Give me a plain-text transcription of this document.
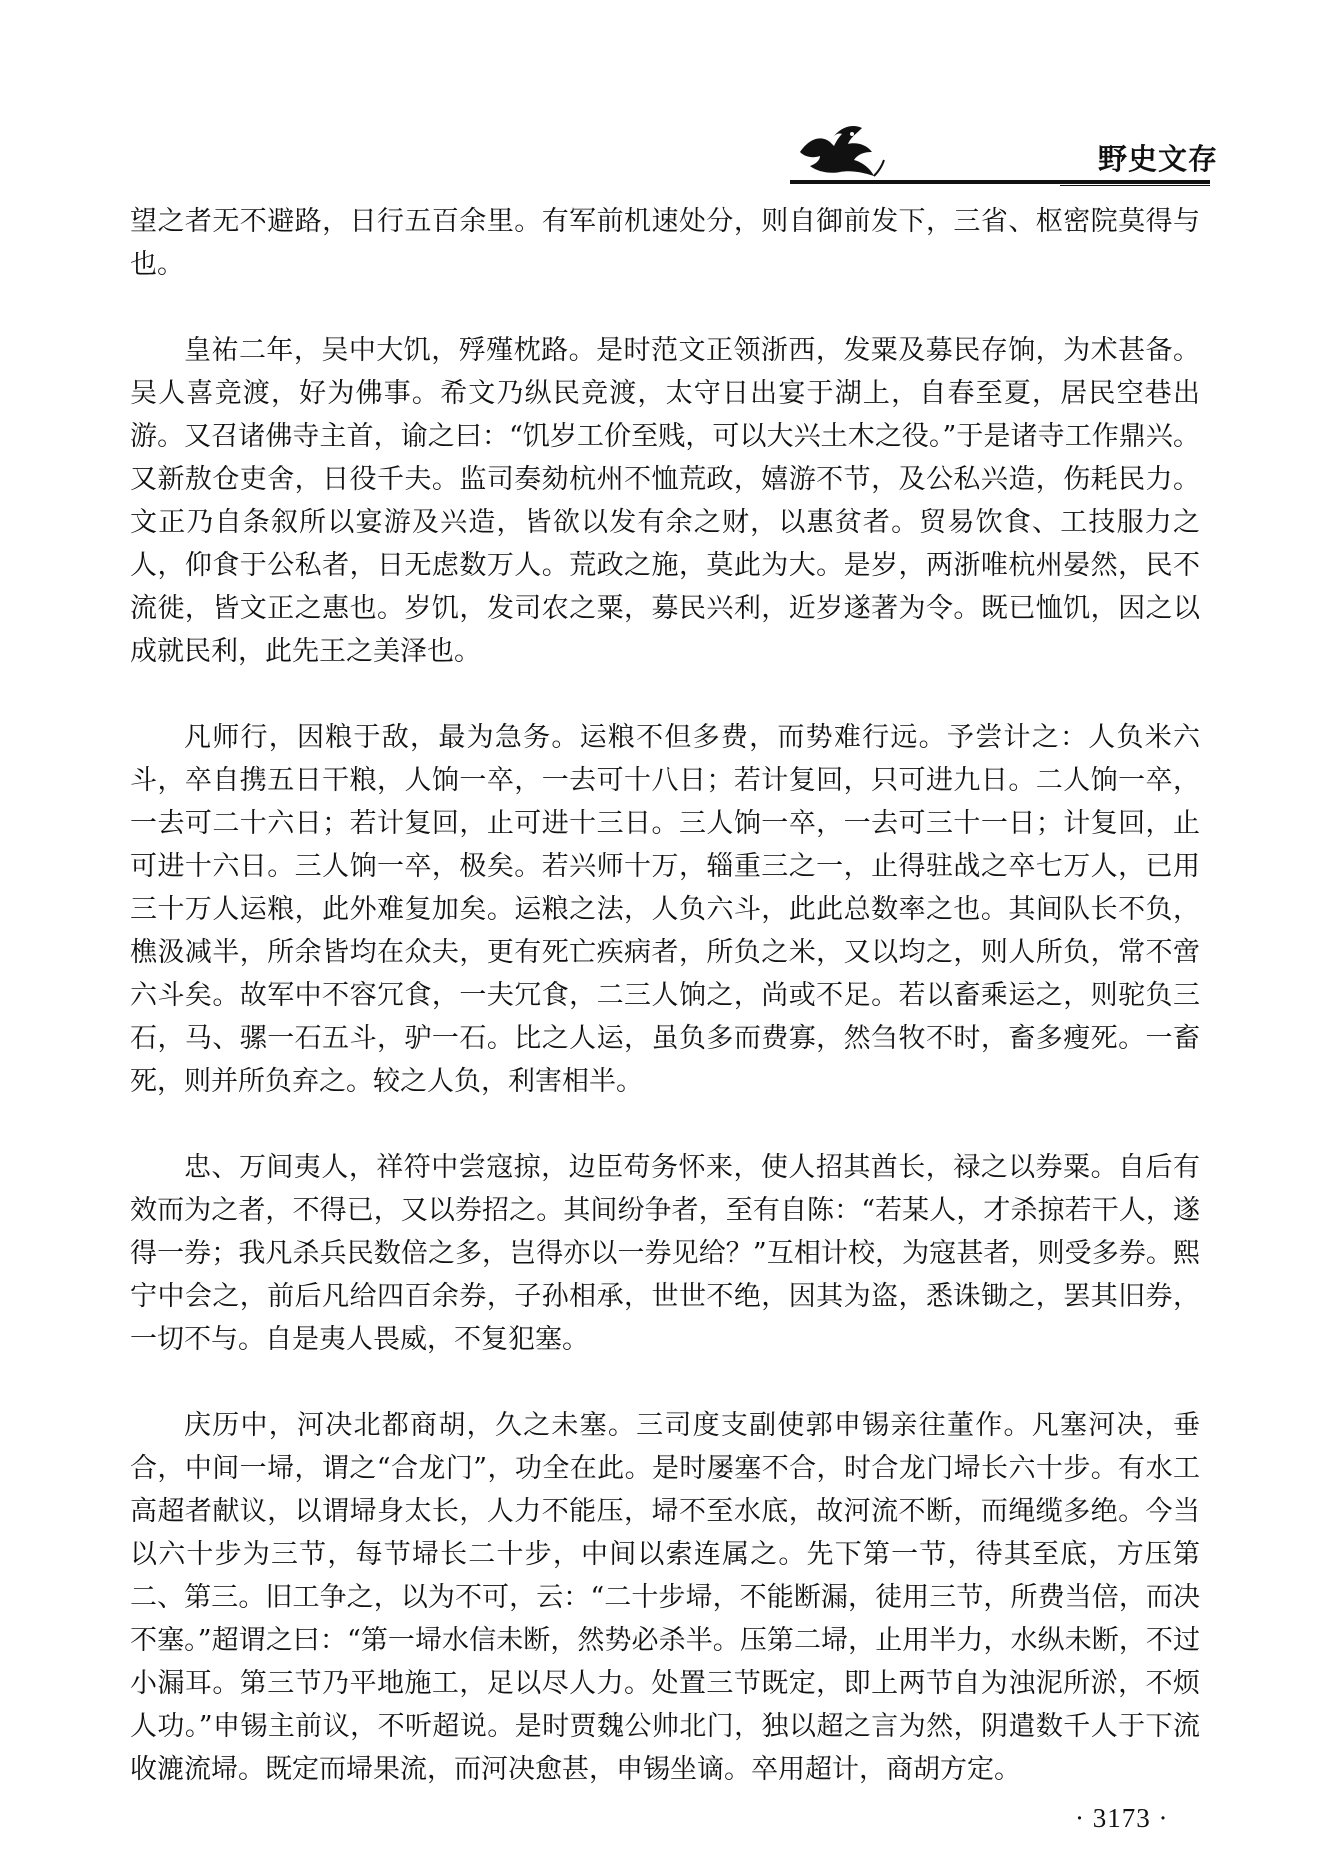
野史文存

望之者无不避路，日行五百余里。有军前机速处分，则自御前发下，三省、枢密院莫得与也。

皇祐二年，吴中大饥，殍殣枕路。是时范文正领浙西，发粟及募民存饷，为术甚备。吴人喜竞渡，好为佛事。希文乃纵民竞渡，太守日出宴于湖上，自春至夏，居民空巷出游。又召诸佛寺主首，谕之曰：“饥岁工价至贱，可以大兴土木之役。”于是诸寺工作鼎兴。又新敖仓吏舍，日役千夫。监司奏劾杭州不恤荒政，嬉游不节，及公私兴造，伤耗民力。文正乃自条叙所以宴游及兴造，皆欲以发有余之财，以惠贫者。贸易饮食、工技服力之人，仰食于公私者，日无虑数万人。荒政之施，莫此为大。是岁，两浙唯杭州晏然，民不流徙，皆文正之惠也。岁饥，发司农之粟，募民兴利，近岁遂著为令。既已恤饥，因之以成就民利，此先王之美泽也。

凡师行，因粮于敌，最为急务。运粮不但多费，而势难行远。予尝计之：人负米六斗，卒自携五日干粮，人饷一卒，一去可十八日；若计复回，只可进九日。二人饷一卒，一去可二十六日；若计复回，止可进十三日。三人饷一卒，一去可三十一日；计复回，止可进十六日。三人饷一卒，极矣。若兴师十万，辎重三之一，止得驻战之卒七万人，已用三十万人运粮，此外难复加矣。运粮之法，人负六斗，此此总数率之也。其间队长不负，樵汲减半，所余皆均在众夫，更有死亡疾病者，所负之米，又以均之，则人所负，常不啻六斗矣。故军中不容冗食，一夫冗食，二三人饷之，尚或不足。若以畜乘运之，则驼负三石，马、骡一石五斗，驴一石。比之人运，虽负多而费寡，然刍牧不时，畜多瘦死。一畜死，则并所负弃之。较之人负，利害相半。

忠、万间夷人，祥符中尝寇掠，边臣苟务怀来，使人招其酋长，禄之以券粟。自后有效而为之者，不得已，又以券招之。其间纷争者，至有自陈：“若某人，才杀掠若干人，遂得一券；我凡杀兵民数倍之多，岂得亦以一券见给？”互相计校，为寇甚者，则受多券。熙宁中会之，前后凡给四百余券，子孙相承，世世不绝，因其为盗，悉诛锄之，罢其旧券，一切不与。自是夷人畏威，不复犯塞。

庆历中，河决北都商胡，久之未塞。三司度支副使郭申锡亲往董作。凡塞河决，垂合，中间一埽，谓之“合龙门”，功全在此。是时屡塞不合，时合龙门埽长六十步。有水工高超者献议，以谓埽身太长，人力不能压，埽不至水底，故河流不断，而绳缆多绝。今当以六十步为三节，每节埽长二十步，中间以索连属之。先下第一节，待其至底，方压第二、第三。旧工争之，以为不可，云：“二十步埽，不能断漏，徒用三节，所费当倍，而决不塞。”超谓之曰：“第一埽水信未断，然势必杀半。压第二埽，止用半力，水纵未断，不过小漏耳。第三节乃平地施工，足以尽人力。处置三节既定，即上两节自为浊泥所淤，不烦人功。”申锡主前议，不听超说。是时贾魏公帅北门，独以超之言为然，阴遣数千人于下流收漉流埽。既定而埽果流，而河决愈甚，申锡坐谪。卒用超计，商胡方定。

· 3173 ·
